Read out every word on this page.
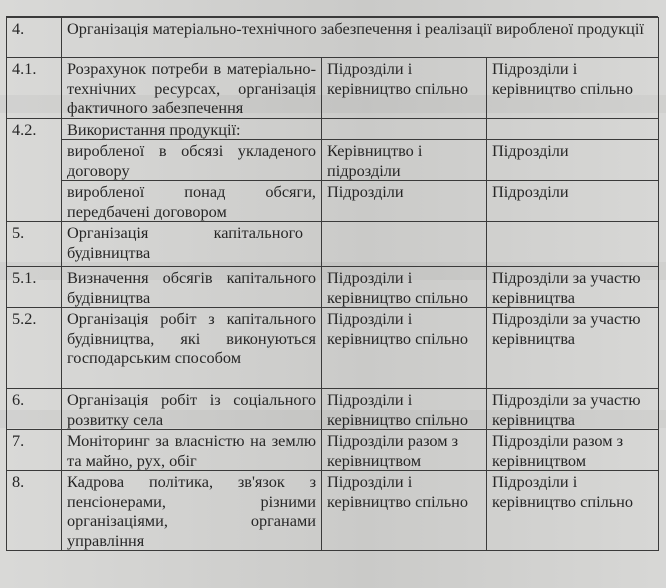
4.	Організація матеріально-технічного забезпечення і реалізації виробленої продукції		
4.1.	Розрахунок потреби в матеріально-технічних ресурсах, організація фактичного забезпечення	Підрозділи і керівництво спільно	Підрозділи і керівництво спільно
4.2.	Використання продукції:		
	виробленої в обсязі укладеного договору	Керівництво і підрозділи	Підрозділи
	виробленої понад обсяги, передбачені договором	Підрозділи	Підрозділи
5.	Організація капітального будівництва		
5.1.	Визначення обсягів капітального будівництва	Підрозділи і керівництво спільно	Підрозділи за участю керівництва
5.2.	Організація робіт з капітального будівництва, які виконуються господарським способом	Підрозділи і керівництво спільно	Підрозділи за участю керівництва
6.	Організація робіт із соціального розвитку села	Підрозділи і керівництво спільно	Підрозділи за участю керівництва
7.	Моніторинг за власністю на землю та майно, рух, обіг	Підрозділи разом з керівництвом	Підрозділи разом з керівництвом
8.	Кадрова політика, зв'язок з пенсіонерами, різними організаціями, органами управління	Підрозділи і керівництво спільно	Підрозділи і керівництво спільно
